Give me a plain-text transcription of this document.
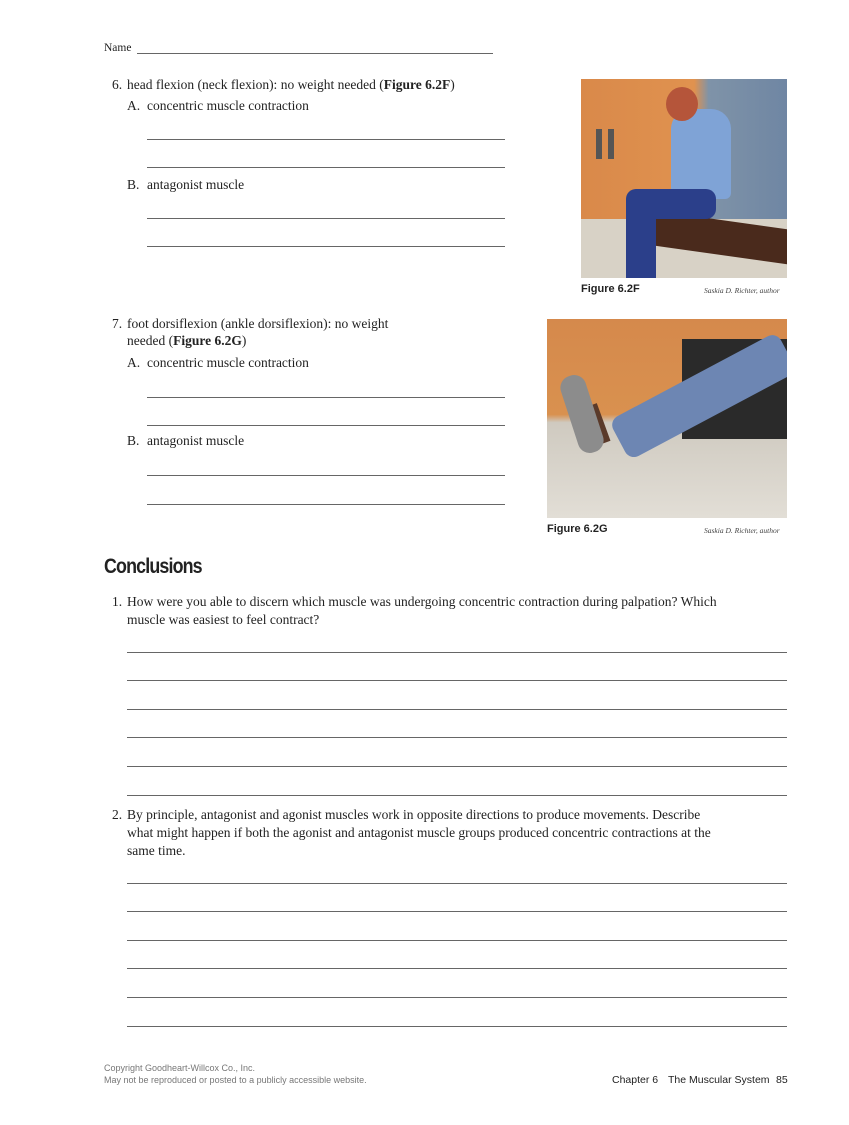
Name
6. head flexion (neck flexion): no weight needed (Figure 6.2F)
A. concentric muscle contraction
B. antagonist muscle
Figure 6.2F	Saskia D. Richter, author
7. foot dorsiflexion (ankle dorsiflexion): no weight
needed (Figure 6.2G)
A. concentric muscle contraction
B. antagonist muscle
Figure 6.2G	Saskia D. Richter, author
Conclusions
1. How were you able to discern which muscle was undergoing concentric contraction during palpation? Which
muscle was easiest to feel contract?
2. By principle, antagonist and agonist muscles work in opposite directions to produce movements. Describe
what might happen if both the agonist and antagonist muscle groups produced concentric contractions at the
same time.
Copyright Goodheart-Willcox Co., Inc.
May not be reproduced or posted to a publicly accessible website.	Chapter 6 The Muscular System 85
